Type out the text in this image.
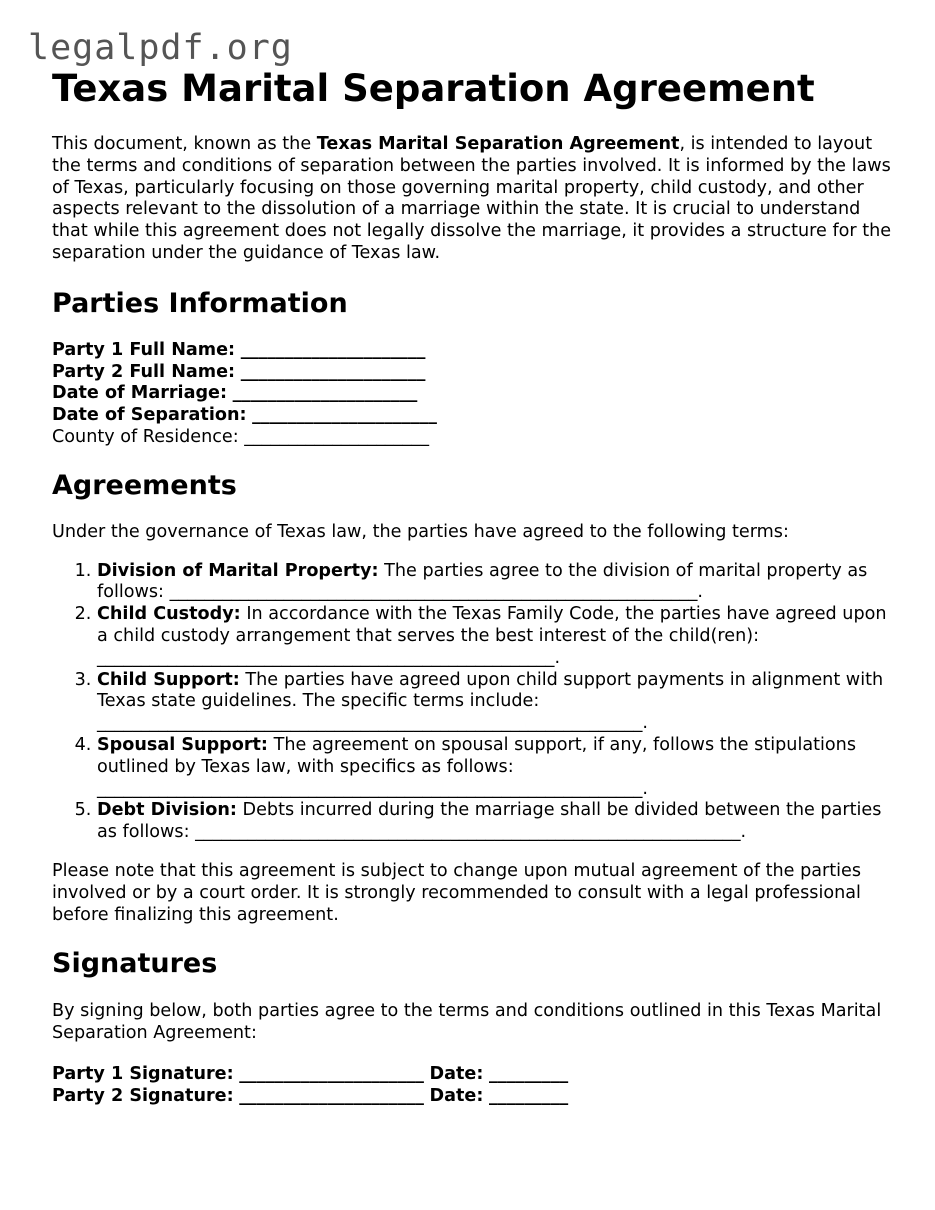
legalpdf.org
Texas Marital Separation Agreement

This document, known as the Texas Marital Separation Agreement, is intended to layout the terms and conditions of separation between the parties involved. It is informed by the laws of Texas, particularly focusing on those governing marital property, child custody, and other aspects relevant to the dissolution of a marriage within the state. It is crucial to understand that while this agreement does not legally dissolve the marriage, it provides a structure for the separation under the guidance of Texas law.

Parties Information
Party 1 Full Name: _____________________
Party 2 Full Name: _____________________
Date of Marriage: _____________________
Date of Separation: _____________________
County of Residence: _____________________
Agreements

Under the governance of Texas law, the parties have agreed to the following terms:

1. Division of Marital Property: The parties agree to the division of marital property as follows: ____________________________________________________________.
2. Child Custody: In accordance with the Texas Family Code, the parties have agreed upon a child custody arrangement that serves the best interest of the child(ren): ____________________________________________________.
3. Child Support: The parties have agreed upon child support payments in alignment with Texas state guidelines. The specific terms include: ______________________________________________________________.
4. Spousal Support: The agreement on spousal support, if any, follows the stipulations outlined by Texas law, with specifics as follows: ______________________________________________________________.
5. Debt Division: Debts incurred during the marriage shall be divided between the parties as follows: ______________________________________________________________.

Please note that this agreement is subject to change upon mutual agreement of the parties involved or by a court order. It is strongly recommended to consult with a legal professional before finalizing this agreement.

Signatures

By signing below, both parties agree to the terms and conditions outlined in this Texas Marital Separation Agreement:

Party 1 Signature: _____________________ Date: _________
Party 2 Signature: _____________________ Date: _________
